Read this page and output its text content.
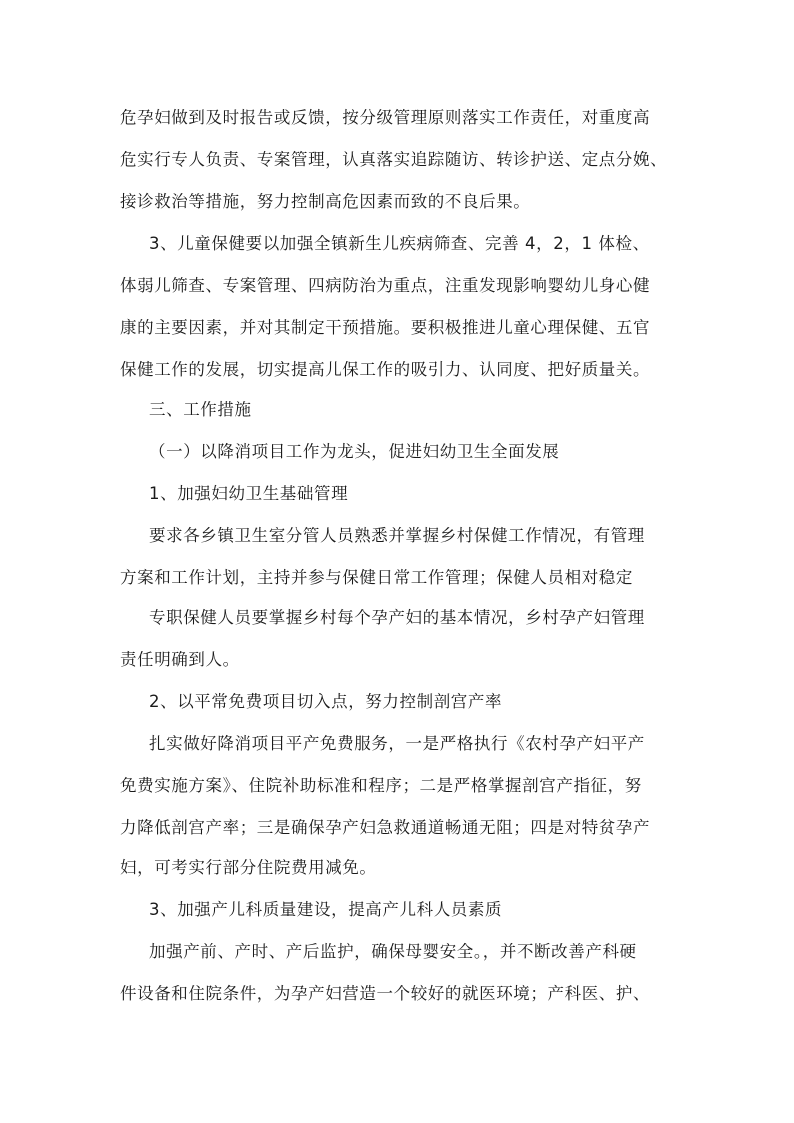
危孕妇做到及时报告或反馈，按分级管理原则落实工作责任，对重度高
危实行专人负责、专案管理，认真落实追踪随访、转诊护送、定点分娩、
接诊救治等措施，努力控制高危因素而致的不良后果。
3、儿童保健要以加强全镇新生儿疾病筛查、完善 4，2，1 体检、
体弱儿筛查、专案管理、四病防治为重点，注重发现影响婴幼儿身心健
康的主要因素，并对其制定干预措施。要积极推进儿童心理保健、五官
保健工作的发展，切实提高儿保工作的吸引力、认同度、把好质量关。
三、工作措施
（一）以降消项目工作为龙头，促进妇幼卫生全面发展
1、加强妇幼卫生基础管理
要求各乡镇卫生室分管人员熟悉并掌握乡村保健工作情况，有管理
方案和工作计划，主持并参与保健日常工作管理；保健人员相对稳定
专职保健人员要掌握乡村每个孕产妇的基本情况，乡村孕产妇管理
责任明确到人。
2、以平常免费项目切入点，努力控制剖宫产率
扎实做好降消项目平产免费服务，一是严格执行《农村孕产妇平产
免费实施方案》、住院补助标准和程序；二是严格掌握剖宫产指征，努
力降低剖宫产率；三是确保孕产妇急救通道畅通无阻；四是对特贫孕产
妇，可考实行部分住院费用减免。
3、加强产儿科质量建设，提高产儿科人员素质
加强产前、产时、产后监护，确保母婴安全。，并不断改善产科硬
件设备和住院条件，为孕产妇营造一个较好的就医环境；产科医、护、
